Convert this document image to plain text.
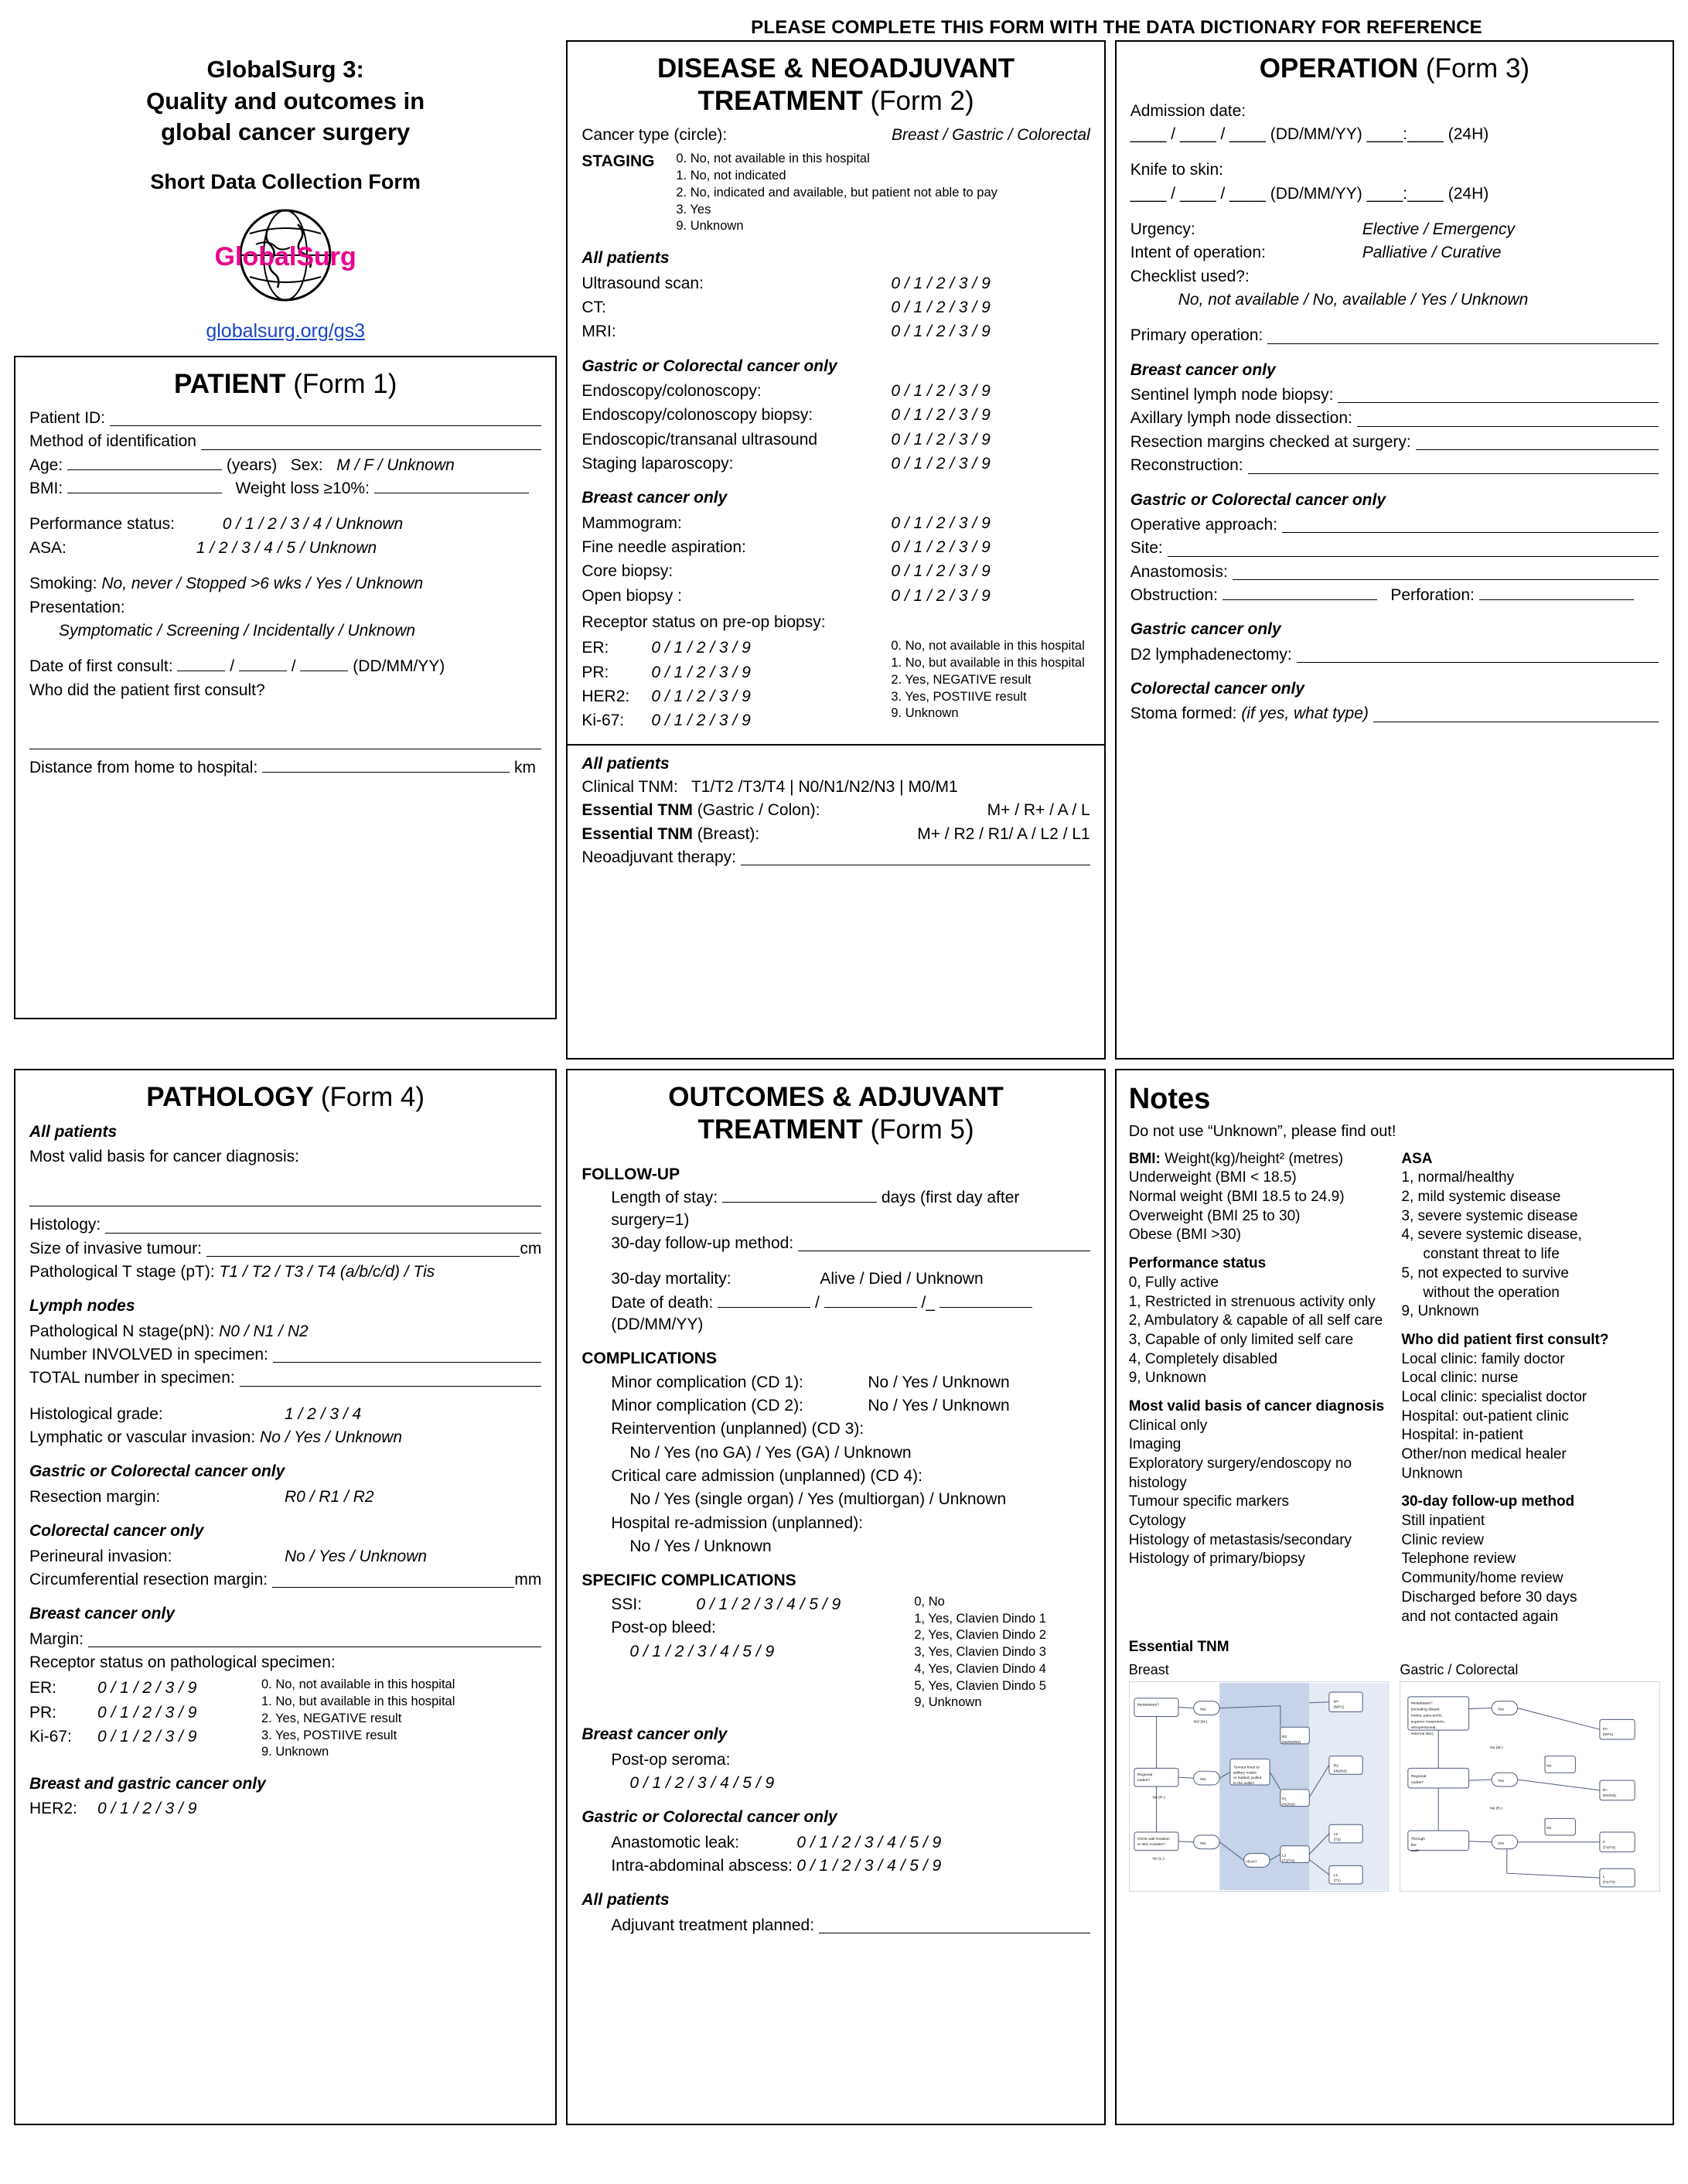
PLEASE COMPLETE THIS FORM WITH THE DATA DICTIONARY FOR REFERENCE
GlobalSurg 3:
Quality and outcomes in
global cancer surgery
Short Data Collection Form
GlobalSurg
globalsurg.org/gs3
PATIENT (Form 1)
Patient ID:
Method of identification
Age:	(years) Sex: M / F / Unknown
BMI:	Weight loss ≥10%:
Performance status:	0 / 1 / 2 / 3 / 4 / Unknown
ASA:	1 / 2 / 3 / 4 / 5 / Unknown
Smoking: No, never / Stopped >6 wks / Yes / Unknown
Presentation:
Symptomatic / Screening / Incidentally / Unknown
Date of first consult:	/	/	(DD/MM/YY)
Who did the patient first consult?
Distance from home to hospital:	km
DISEASE & NEOADJUVANT
TREATMENT (Form 2)
Cancer type (circle):	Breast / Gastric / Colorectal
STAGING	0. No, not available in this hospital
1. No, not indicated
2. No, indicated and available, but patient not able to pay
3. Yes
9. Unknown
All patients
Ultrasound scan:	0 / 1 / 2 / 3 / 9
CT:	0 / 1 / 2 / 3 / 9
MRI:	0 / 1 / 2 / 3 / 9
Gastric or Colorectal cancer only
Endoscopy/colonoscopy:	0 / 1 / 2 / 3 / 9
Endoscopy/colonoscopy biopsy:	0 / 1 / 2 / 3 / 9
Endoscopic/transanal ultrasound	0 / 1 / 2 / 3 / 9
Staging laparoscopy:	0 / 1 / 2 / 3 / 9
Breast cancer only
Mammogram:	0 / 1 / 2 / 3 / 9
Fine needle aspiration:	0 / 1 / 2 / 3 / 9
Core biopsy:	0 / 1 / 2 / 3 / 9
Open biopsy :	0 / 1 / 2 / 3 / 9
Receptor status on pre-op biopsy:
ER:	0 / 1 / 2 / 3 / 9
PR:	0 / 1 / 2 / 3 / 9
HER2:	0 / 1 / 2 / 3 / 9
Ki-67:	0 / 1 / 2 / 3 / 9
0. No, not available in this hospital
1. No, but available in this hospital
2. Yes, NEGATIVE result
3. Yes, POSTIIVE result
9. Unknown
All patients
Clinical TNM: T1/T2 /T3/T4 | N0/N1/N2/N3 | M0/M1
Essential TNM (Gastric / Colon):	M+ / R+ / A / L
Essential TNM (Breast):	M+ / R2 / R1/ A / L2 / L1
Neoadjuvant therapy:
OPERATION (Form 3)
Admission date:
____ / ____ / ____ (DD/MM/YY) ____:____ (24H)
Knife to skin:
____ / ____ / ____ (DD/MM/YY) ____:____ (24H)
Urgency:	Elective / Emergency
Intent of operation:	Palliative / Curative
Checklist used?:
No, not available / No, available / Yes / Unknown
Primary operation:
Breast cancer only
Sentinel lymph node biopsy:
Axillary lymph node dissection:
Resection margins checked at surgery:
Reconstruction:
Gastric or Colorectal cancer only
Operative approach:
Site:
Anastomosis:
Obstruction:	Perforation:
Gastric cancer only
D2 lymphadenectomy:
Colorectal cancer only
Stoma formed:
(if yes, what type)
PATHOLOGY (Form 4)
All patients
Most valid basis for cancer diagnosis:
Histology:
Size of invasive tumour:	cm
Pathological T stage (pT): T1 / T2 / T3 / T4 (a/b/c/d) / Tis
Lymph nodes
Pathological N stage(pN): N0 / N1 / N2
Number INVOLVED in specimen:
TOTAL number in specimen:
Histological grade:	1 / 2 / 3 / 4
Lymphatic or vascular invasion: No / Yes / Unknown
Gastric or Colorectal cancer only
Resection margin:	R0 / R1 / R2
Colorectal cancer only
Perineural invasion:	No / Yes / Unknown
Circumferential resection margin:	mm
Breast cancer only
Margin:
Receptor status on pathological specimen:
ER:	0 / 1 / 2 / 3 / 9
PR:	0 / 1 / 2 / 3 / 9
Ki-67:	0 / 1 / 2 / 3 / 9
0. No, not available in this hospital
1. No, but available in this hospital
2. Yes, NEGATIVE result
3. Yes, POSTIIVE result
9. Unknown
Breast and gastric cancer only
HER2:	0 / 1 / 2 / 3 / 9
OUTCOMES & ADJUVANT
TREATMENT (Form 5)
FOLLOW-UP
Length of stay:	days (first day after surgery=1)
30-day follow-up method:
30-day mortality:	Alive / Died / Unknown
Date of death:	/	/_  (DD/MM/YY)
COMPLICATIONS
Minor complication (CD 1):	No / Yes / Unknown
Minor complication (CD 2):	No / Yes / Unknown
Reintervention (unplanned) (CD 3):
No / Yes (no GA) / Yes (GA) / Unknown
Critical care admission (unplanned) (CD 4):
No / Yes (single organ) / Yes (multiorgan) / Unknown
Hospital re-admission (unplanned):
No / Yes / Unknown
SPECIFIC COMPLICATIONS
SSI:	0 / 1 / 2 / 3 / 4 / 5 / 9
Post-op bleed:
0 / 1 / 2 / 3 / 4 / 5 / 9
0, No
1, Yes, Clavien Dindo 1
2, Yes, Clavien Dindo 2
3, Yes, Clavien Dindo 3
4, Yes, Clavien Dindo 4
5, Yes, Clavien Dindo 5
9, Unknown
Breast cancer only
Post-op seroma:
0 / 1 / 2 / 3 / 4 / 5 / 9
Gastric or Colorectal cancer only
Anastomotic leak:	0 / 1 / 2 / 3 / 4 / 5 / 9
Intra-abdominal abscess: 0 / 1 / 2 / 3 / 4 / 5 / 9
All patients
Adjuvant treatment planned:
Notes
Do not use “Unknown”, please find out!
BMI: Weight(kg)/height² (metres)
Underweight (BMI < 18.5)
Normal weight (BMI 18.5 to 24.9)
Overweight (BMI 25 to 30)
Obese (BMI >30)
Performance status
0, Fully active
1, Restricted in strenuous activity only
2, Ambulatory & capable of all self care
3, Capable of only limited self care
4, Completely disabled
9, Unknown
Most valid basis of cancer diagnosis
Clinical only
Imaging
Exploratory surgery/endoscopy no histology
Tumour specific markers
Cytology
Histology of metastasis/secondary
Histology of primary/biopsy
ASA
1, normal/healthy
2, mild systemic disease
3, severe systemic disease
4, severe systemic disease,
constant threat to life
5, not expected to survive
without the operation
9, Unknown
Who did patient first consult?
Local clinic: family doctor
Local clinic: nurse
Local clinic: specialist doctor
Hospital: out-patient clinic
Hospital: in-patient
Other/non medical healer
Unknown
30-day follow-up method
Still inpatient
Clinic review
Telephone review
Community/home review
Discharged before 30 days
and not contacted again
Essential TNM
Breast
Metastases?
Yes
M+
(MP1)
NO (M-)
Regional
nodes?	Yes
Tumour fixed to
axillary nodes
or matted, pulled
to the axilla?
R2
(N2/M2N0)
R2
(IN2N0)
R1
(N1/N2)
Chest wall invasion
or skin nodules?	Yes
<5cm?
L2
(T3/T4)
L2
(T3)
L1
(T1)
No (R-)
No (L-)
Gastric / Colorectal
Metastases?
(including distant
nodes, para-aortic,
superior mesenteric,
retroperitoneal,
external iliac)
Yes
M+
(MP1)
No (M-)
Regional
nodes?	Yes
R+
(N1/N2)
No (R-)
Through
the
wall?
Yes	A
(T4/T4)
L
(T1/T2)
No
No
